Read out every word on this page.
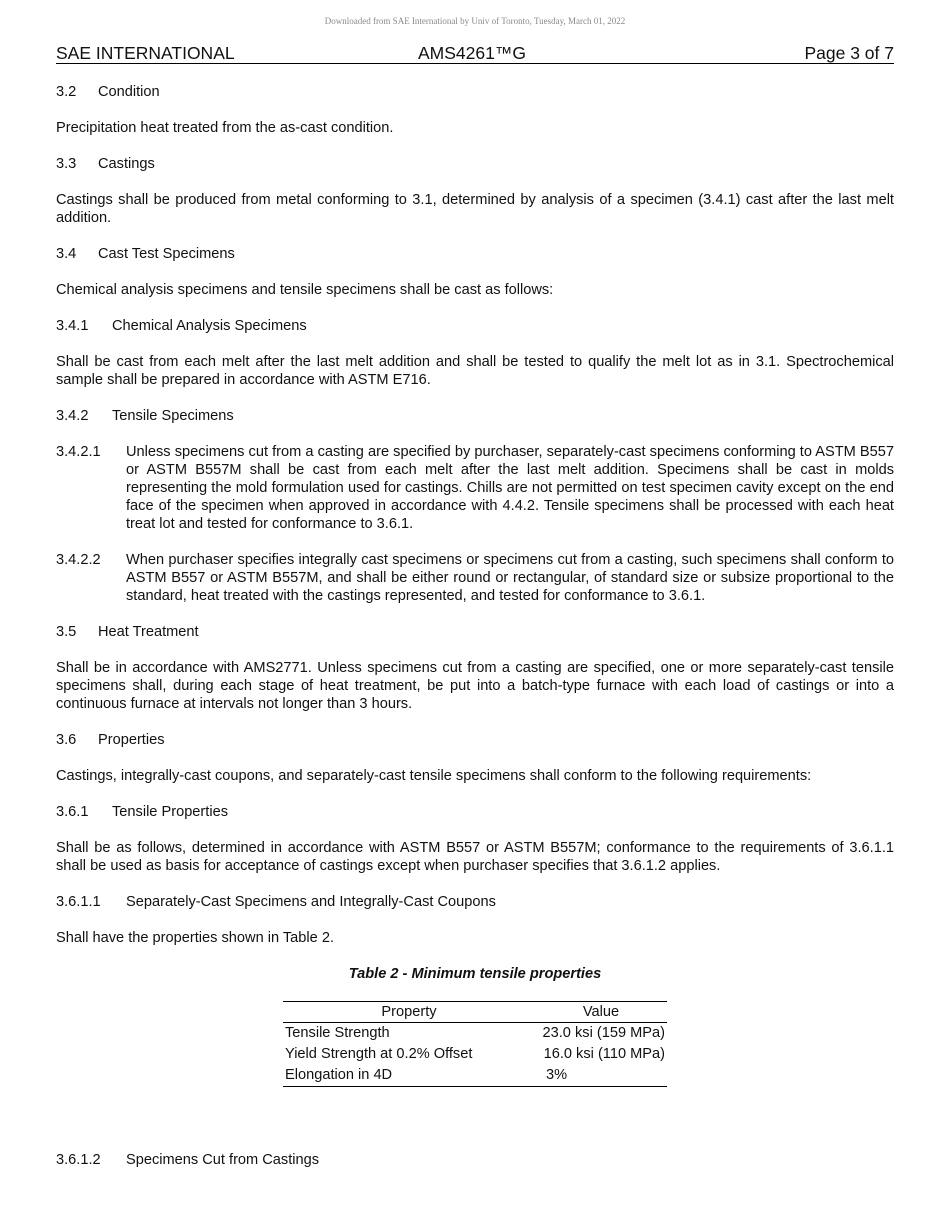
Downloaded from SAE International by Univ of Toronto, Tuesday, March 01, 2022
SAE INTERNATIONAL	AMS4261™G	Page 3 of 7
3.2	Condition
Precipitation heat treated from the as-cast condition.
3.3	Castings
Castings shall be produced from metal conforming to 3.1, determined by analysis of a specimen (3.4.1) cast after the last melt addition.
3.4	Cast Test Specimens
Chemical analysis specimens and tensile specimens shall be cast as follows:
3.4.1	Chemical Analysis Specimens
Shall be cast from each melt after the last melt addition and shall be tested to qualify the melt lot as in 3.1. Spectrochemical sample shall be prepared in accordance with ASTM E716.
3.4.2	Tensile Specimens
3.4.2.1	Unless specimens cut from a casting are specified by purchaser, separately-cast specimens conforming to ASTM B557 or ASTM B557M shall be cast from each melt after the last melt addition. Specimens shall be cast in molds representing the mold formulation used for castings. Chills are not permitted on test specimen cavity except on the end face of the specimen when approved in accordance with 4.4.2. Tensile specimens shall be processed with each heat treat lot and tested for conformance to 3.6.1.
3.4.2.2	When purchaser specifies integrally cast specimens or specimens cut from a casting, such specimens shall conform to ASTM B557 or ASTM B557M, and shall be either round or rectangular, of standard size or subsize proportional to the standard, heat treated with the castings represented, and tested for conformance to 3.6.1.
3.5	Heat Treatment
Shall be in accordance with AMS2771. Unless specimens cut from a casting are specified, one or more separately-cast tensile specimens shall, during each stage of heat treatment, be put into a batch-type furnace with each load of castings or into a continuous furnace at intervals not longer than 3 hours.
3.6	Properties
Castings, integrally-cast coupons, and separately-cast tensile specimens shall conform to the following requirements:
3.6.1	Tensile Properties
Shall be as follows, determined in accordance with ASTM B557 or ASTM B557M; conformance to the requirements of 3.6.1.1 shall be used as basis for acceptance of castings except when purchaser specifies that 3.6.1.2 applies.
3.6.1.1	Separately-Cast Specimens and Integrally-Cast Coupons
Shall have the properties shown in Table 2.
Table 2 - Minimum tensile properties
Property	Value
Tensile Strength	23.0 ksi (159 MPa)
Yield Strength at 0.2% Offset	16.0 ksi (110 MPa)
Elongation in 4D	3%
3.6.1.2	Specimens Cut from Castings
